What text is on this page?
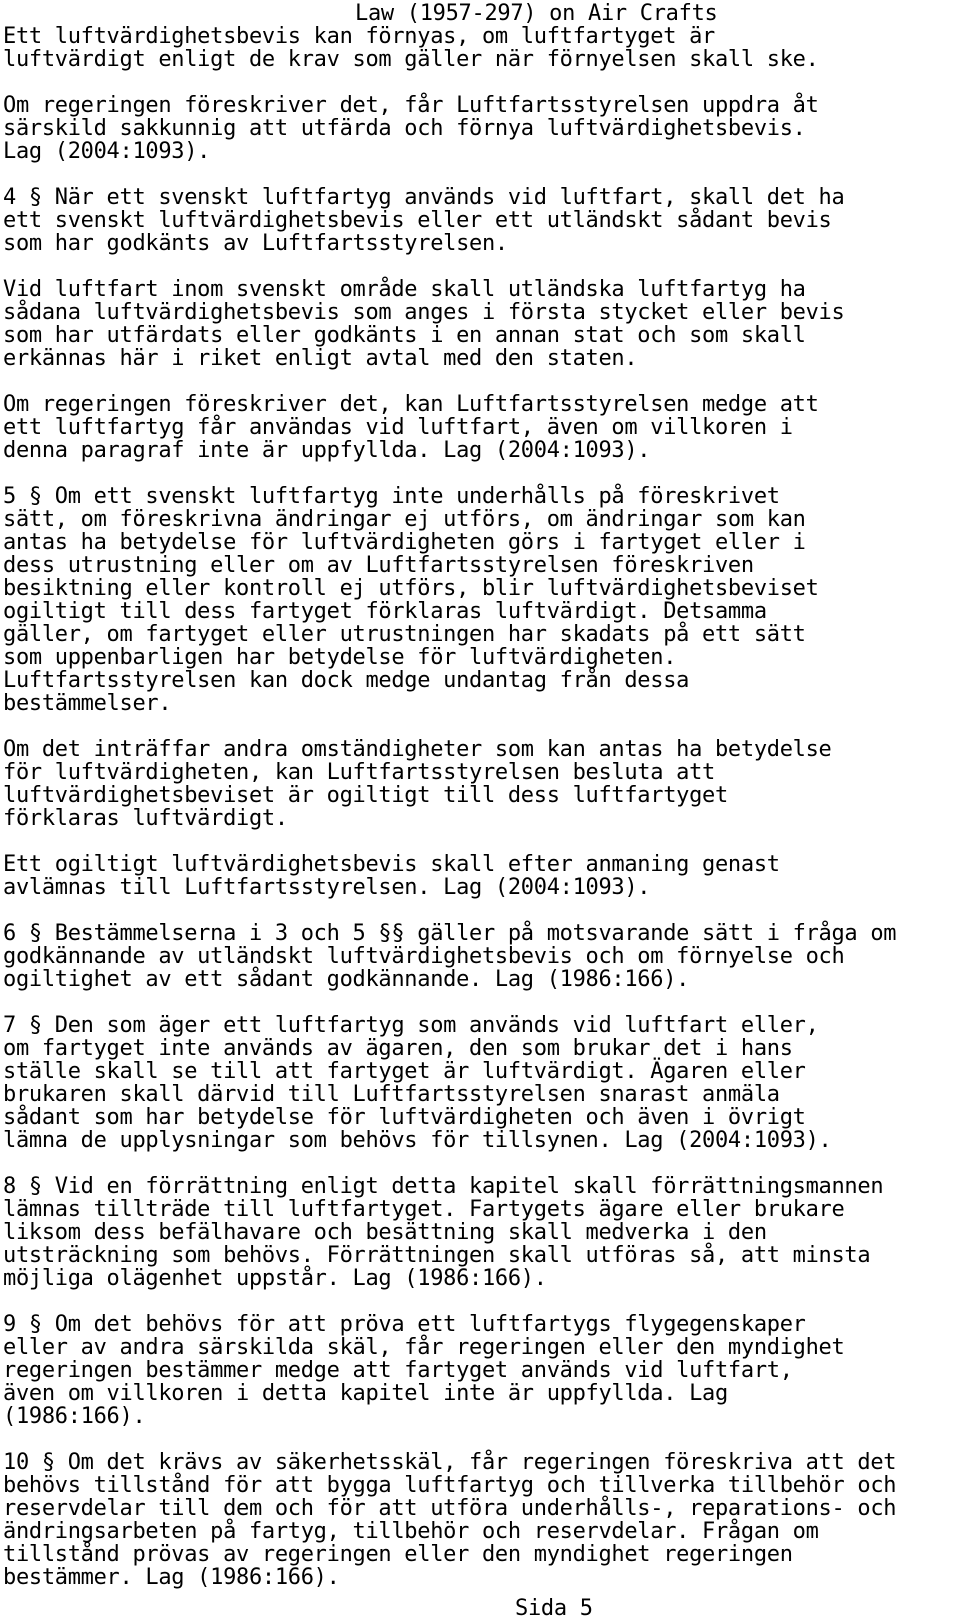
Law (1957-297) on Air Crafts
Ett luftvärdighetsbevis kan förnyas, om luftfartyget är
luftvärdigt enligt de krav som gäller när förnyelsen skall ske.
Om regeringen föreskriver det, får Luftfartsstyrelsen uppdra åt
särskild sakkunnig att utfärda och förnya luftvärdighetsbevis.
Lag (2004:1093).
4 § När ett svenskt luftfartyg används vid luftfart, skall det ha
ett svenskt luftvärdighetsbevis eller ett utländskt sådant bevis
som har godkänts av Luftfartsstyrelsen.
Vid luftfart inom svenskt område skall utländska luftfartyg ha
sådana luftvärdighetsbevis som anges i första stycket eller bevis
som har utfärdats eller godkänts i en annan stat och som skall
erkännas här i riket enligt avtal med den staten.
Om regeringen föreskriver det, kan Luftfartsstyrelsen medge att
ett luftfartyg får användas vid luftfart, även om villkoren i
denna paragraf inte är uppfyllda. Lag (2004:1093).
5 § Om ett svenskt luftfartyg inte underhålls på föreskrivet
sätt, om föreskrivna ändringar ej utförs, om ändringar som kan
antas ha betydelse för luftvärdigheten görs i fartyget eller i
dess utrustning eller om av Luftfartsstyrelsen föreskriven
besiktning eller kontroll ej utförs, blir luftvärdighetsbeviset
ogiltigt till dess fartyget förklaras luftvärdigt. Detsamma
gäller, om fartyget eller utrustningen har skadats på ett sätt
som uppenbarligen har betydelse för luftvärdigheten.
Luftfartsstyrelsen kan dock medge undantag från dessa
bestämmelser.
Om det inträffar andra omständigheter som kan antas ha betydelse
för luftvärdigheten, kan Luftfartsstyrelsen besluta att
luftvärdighetsbeviset är ogiltigt till dess luftfartyget
förklaras luftvärdigt.
Ett ogiltigt luftvärdighetsbevis skall efter anmaning genast
avlämnas till Luftfartsstyrelsen. Lag (2004:1093).
6 § Bestämmelserna i 3 och 5 §§ gäller på motsvarande sätt i fråga om
godkännande av utländskt luftvärdighetsbevis och om förnyelse och
ogiltighet av ett sådant godkännande. Lag (1986:166).
7 § Den som äger ett luftfartyg som används vid luftfart eller,
om fartyget inte används av ägaren, den som brukar det i hans
ställe skall se till att fartyget är luftvärdigt. Ägaren eller
brukaren skall därvid till Luftfartsstyrelsen snarast anmäla
sådant som har betydelse för luftvärdigheten och även i övrigt
lämna de upplysningar som behövs för tillsynen. Lag (2004:1093).
8 § Vid en förrättning enligt detta kapitel skall förrättningsmannen
lämnas tillträde till luftfartyget. Fartygets ägare eller brukare
liksom dess befälhavare och besättning skall medverka i den
utsträckning som behövs. Förrättningen skall utföras så, att minsta
möjliga olägenhet uppstår. Lag (1986:166).
9 § Om det behövs för att pröva ett luftfartygs flygegenskaper
eller av andra särskilda skäl, får regeringen eller den myndighet
regeringen bestämmer medge att fartyget används vid luftfart,
även om villkoren i detta kapitel inte är uppfyllda. Lag
(1986:166).
10 § Om det krävs av säkerhetsskäl, får regeringen föreskriva att det
behövs tillstånd för att bygga luftfartyg och tillverka tillbehör och
reservdelar till dem och för att utföra underhålls-, reparations- och
ändringsarbeten på fartyg, tillbehör och reservdelar. Frågan om
tillstånd prövas av regeringen eller den myndighet regeringen
bestämmer. Lag (1986:166).
Sida 5
